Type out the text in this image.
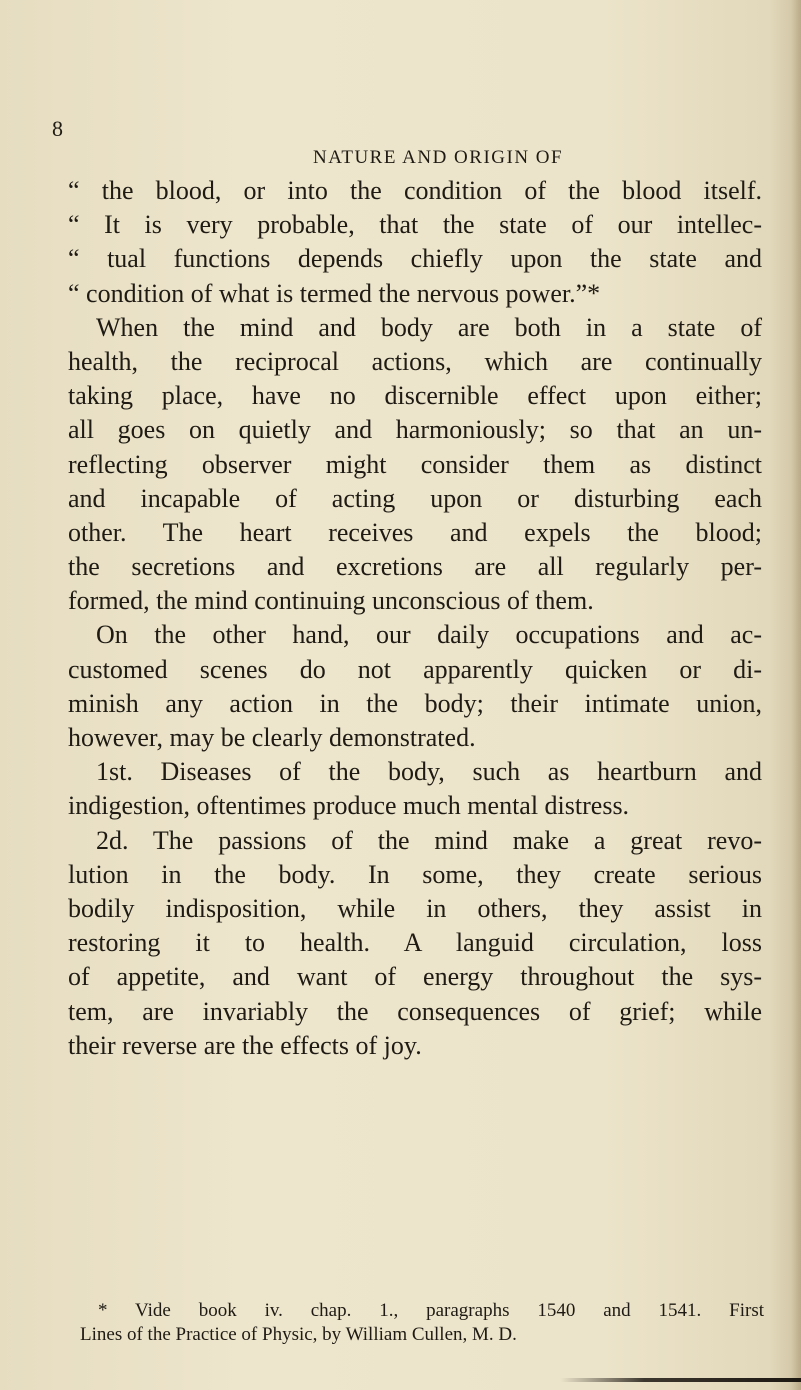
8
NATURE AND ORIGIN OF
“ the blood, or into the condition of the blood itself.
“ It is very probable, that the state of our intellec-
“ tual functions depends chiefly upon the state and
“ condition of what is termed the nervous power.”*
When the mind and body are both in a state of
health, the reciprocal actions, which are continually
taking place, have no discernible effect upon either;
all goes on quietly and harmoniously; so that an un-
reflecting observer might consider them as distinct
and incapable of acting upon or disturbing each
other. The heart receives and expels the blood;
the secretions and excretions are all regularly per-
formed, the mind continuing unconscious of them.
On the other hand, our daily occupations and ac-
customed scenes do not apparently quicken or di-
minish any action in the body; their intimate union,
however, may be clearly demonstrated.
1st. Diseases of the body, such as heartburn and
indigestion, oftentimes produce much mental distress.
2d. The passions of the mind make a great revo-
lution in the body. In some, they create serious
bodily indisposition, while in others, they assist in
restoring it to health. A languid circulation, loss
of appetite, and want of energy throughout the sys-
tem, are invariably the consequences of grief; while
their reverse are the effects of joy.
* Vide book iv. chap. 1., paragraphs 1540 and 1541. First
Lines of the Practice of Physic, by William Cullen, M. D.
